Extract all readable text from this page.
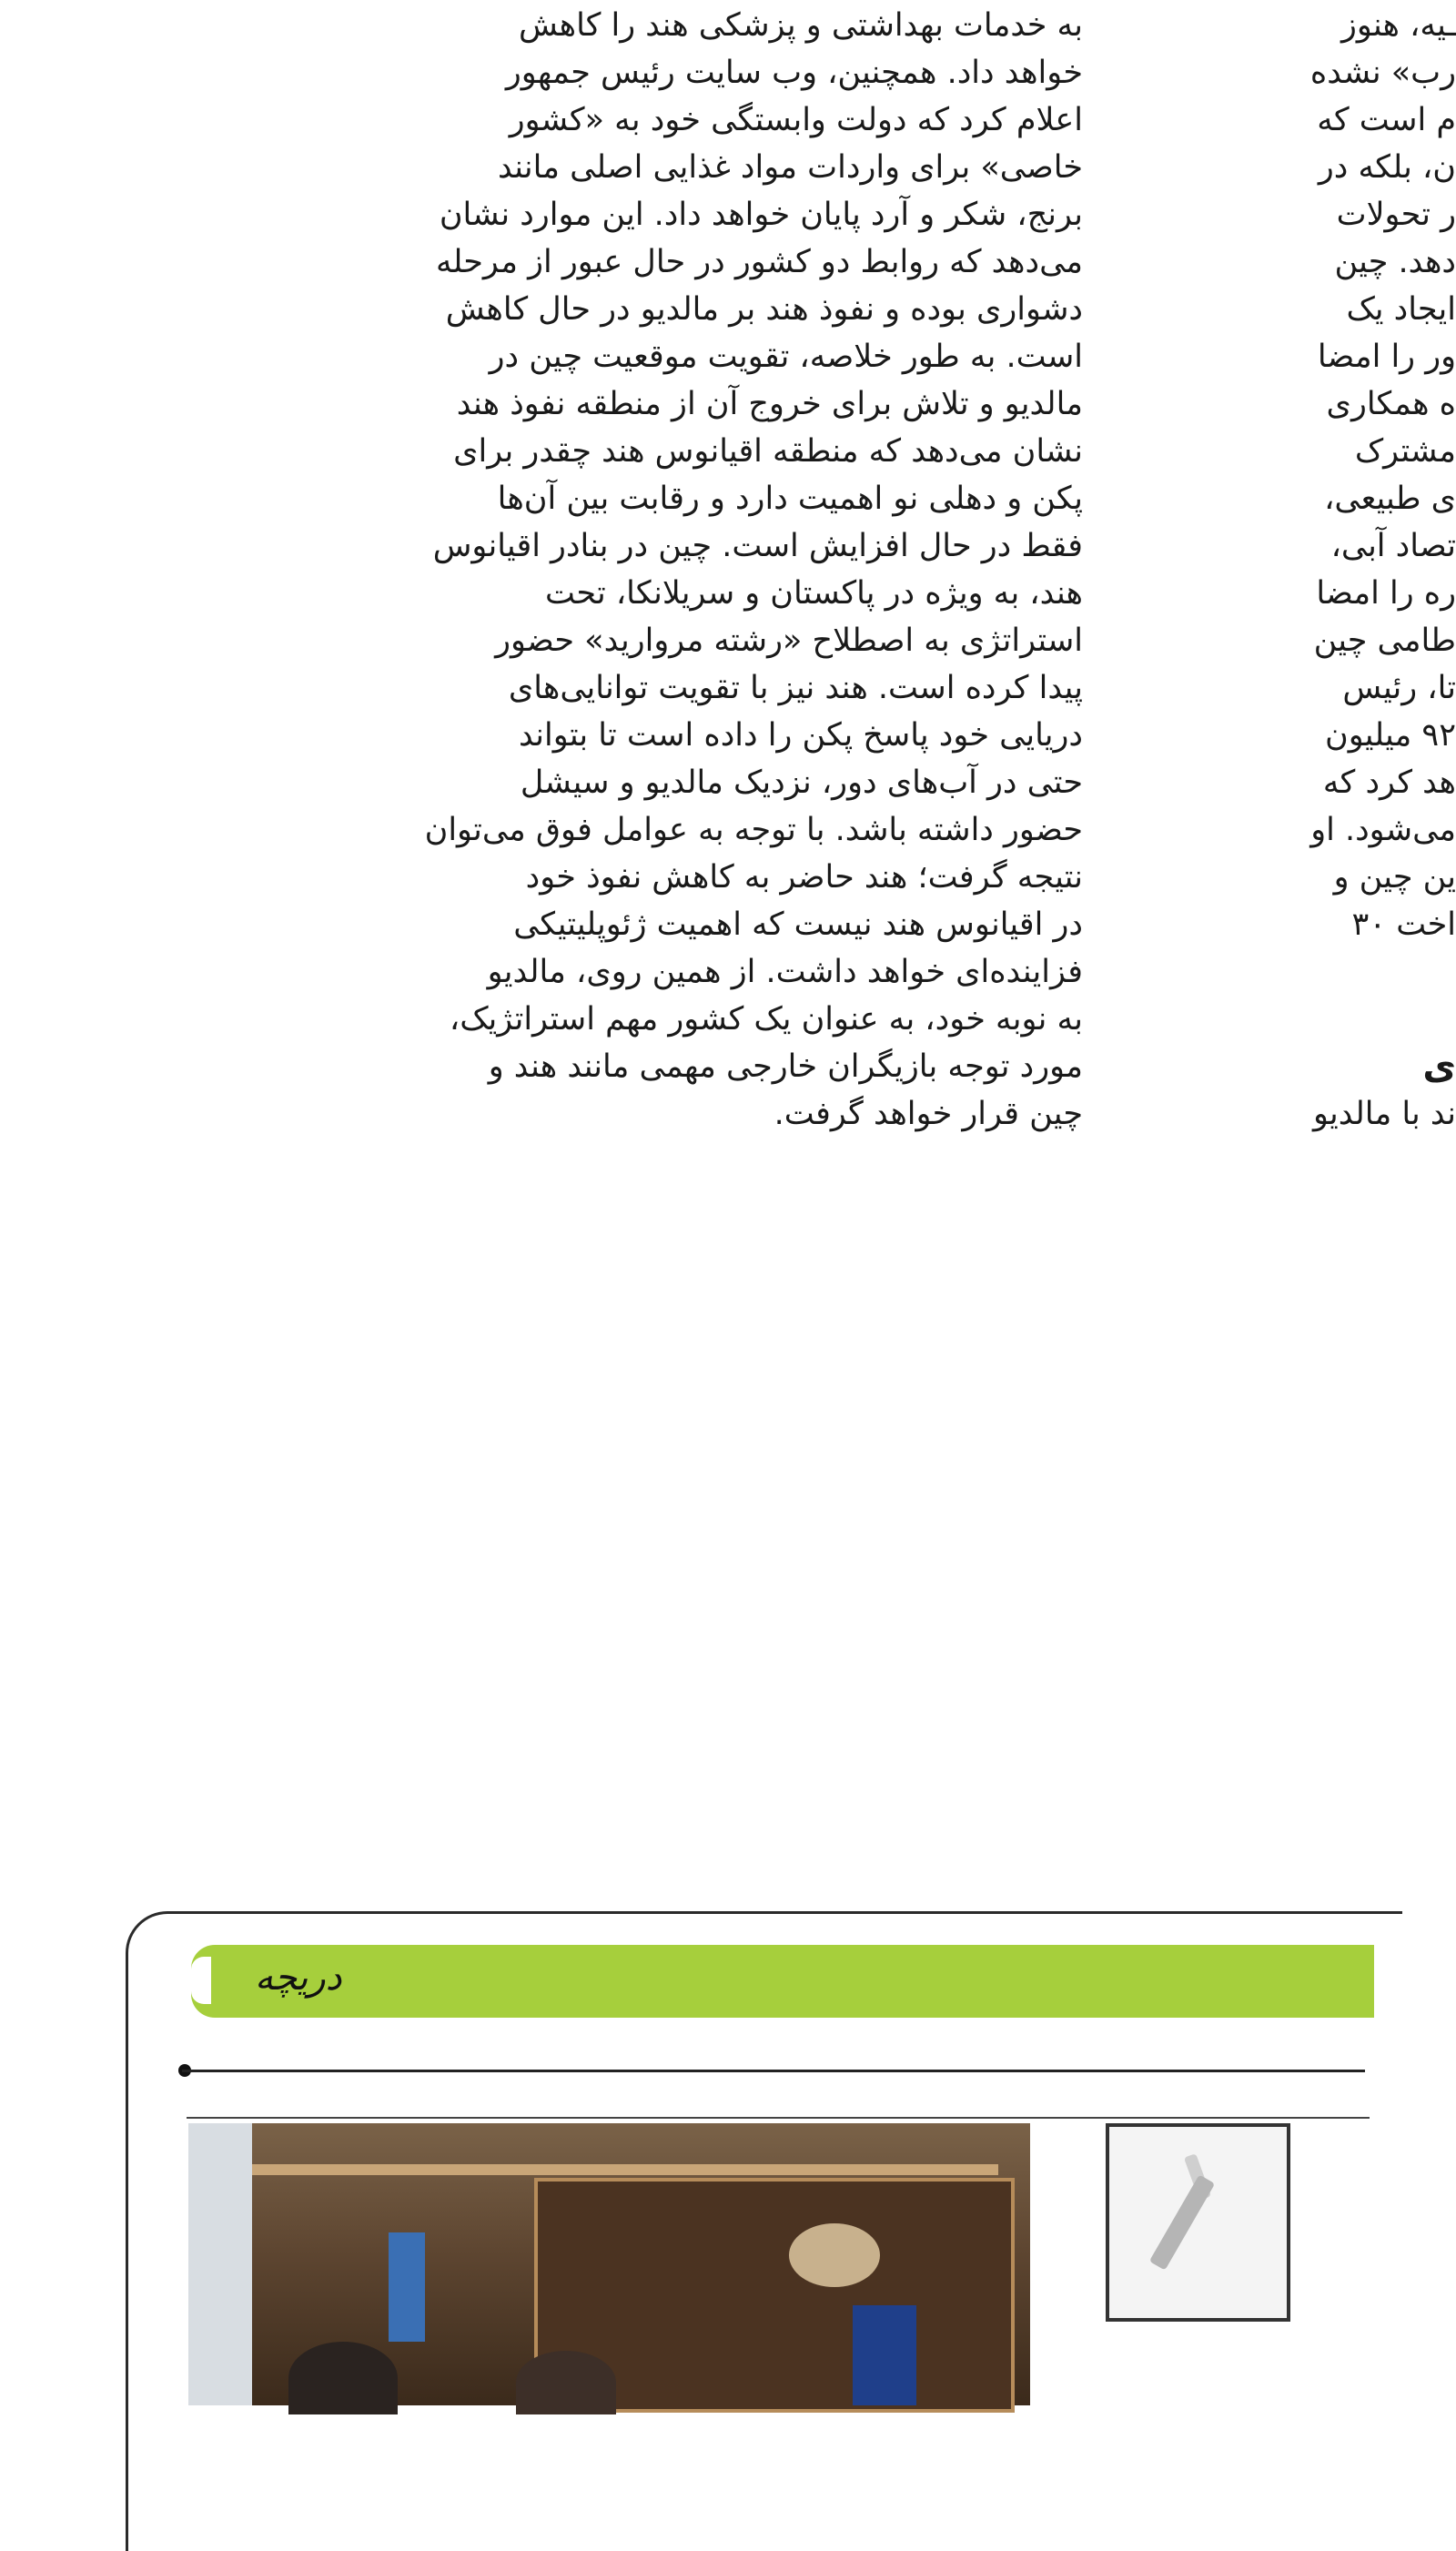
به خدمات بهداشتی و پزشکی هند را کاهش
خواهد داد. همچنین، وب سایت رئیس جمهور
اعلام کرد که دولت وابستگی خود به «کشور
خاصی» برای واردات مواد غذایی اصلی مانند
برنج، شکر و آرد پایان خواهد داد. این موارد نشان
می‌دهد که روابط دو کشور در حال عبور از مرحله
دشواری بوده و نفوذ هند بر مالدیو در حال کاهش
است. به طور خلاصه، تقویت موقعیت چین در
مالدیو و تلاش برای خروج آن از منطقه نفوذ هند
نشان می‌دهد که منطقه اقیانوس هند چقدر برای
پکن و دهلی نو اهمیت دارد و رقابت بین آن‌ها
فقط در حال افزایش است. چین در بنادر اقیانوس
هند، به ویژه در پاکستان و سریلانکا، تحت
استراتژی به اصطلاح «رشته مروارید» حضور
پیدا کرده است. هند نیز با تقویت توانایی‌های
دریایی خود پاسخ پکن را داده است تا بتواند
حتی در آب‌های دور، نزدیک مالدیو و سیشل
حضور داشته باشد. با توجه به عوامل فوق می‌توان
نتیجه گرفت؛ هند حاضر به کاهش نفوذ خود
در اقیانوس هند نیست که اهمیت ژئوپلیتیکی
فزاینده‌ای خواهد داشت. از همین روی، مالدیو
به نوبه خود، به عنوان یک کشور مهم استراتژیک،
مورد توجه بازیگران خارجی مهمی مانند هند و
چین قرار خواهد گرفت.
ـیه، هنوز
رب» نشده
م است که
ن، بلکه در
ر تحولات
دهد. چین
ایجاد یک
ور را امضا
ه همکاری
مشترک
ی طبیعی،
تصاد آبی،
ره را امضا
طامی چین
تا، رئیس
۹۲ میلیون
هد کرد که
می‌شود. او
ین چین و
اخت ۳۰
ی
ند با مالدیو
دریچه
